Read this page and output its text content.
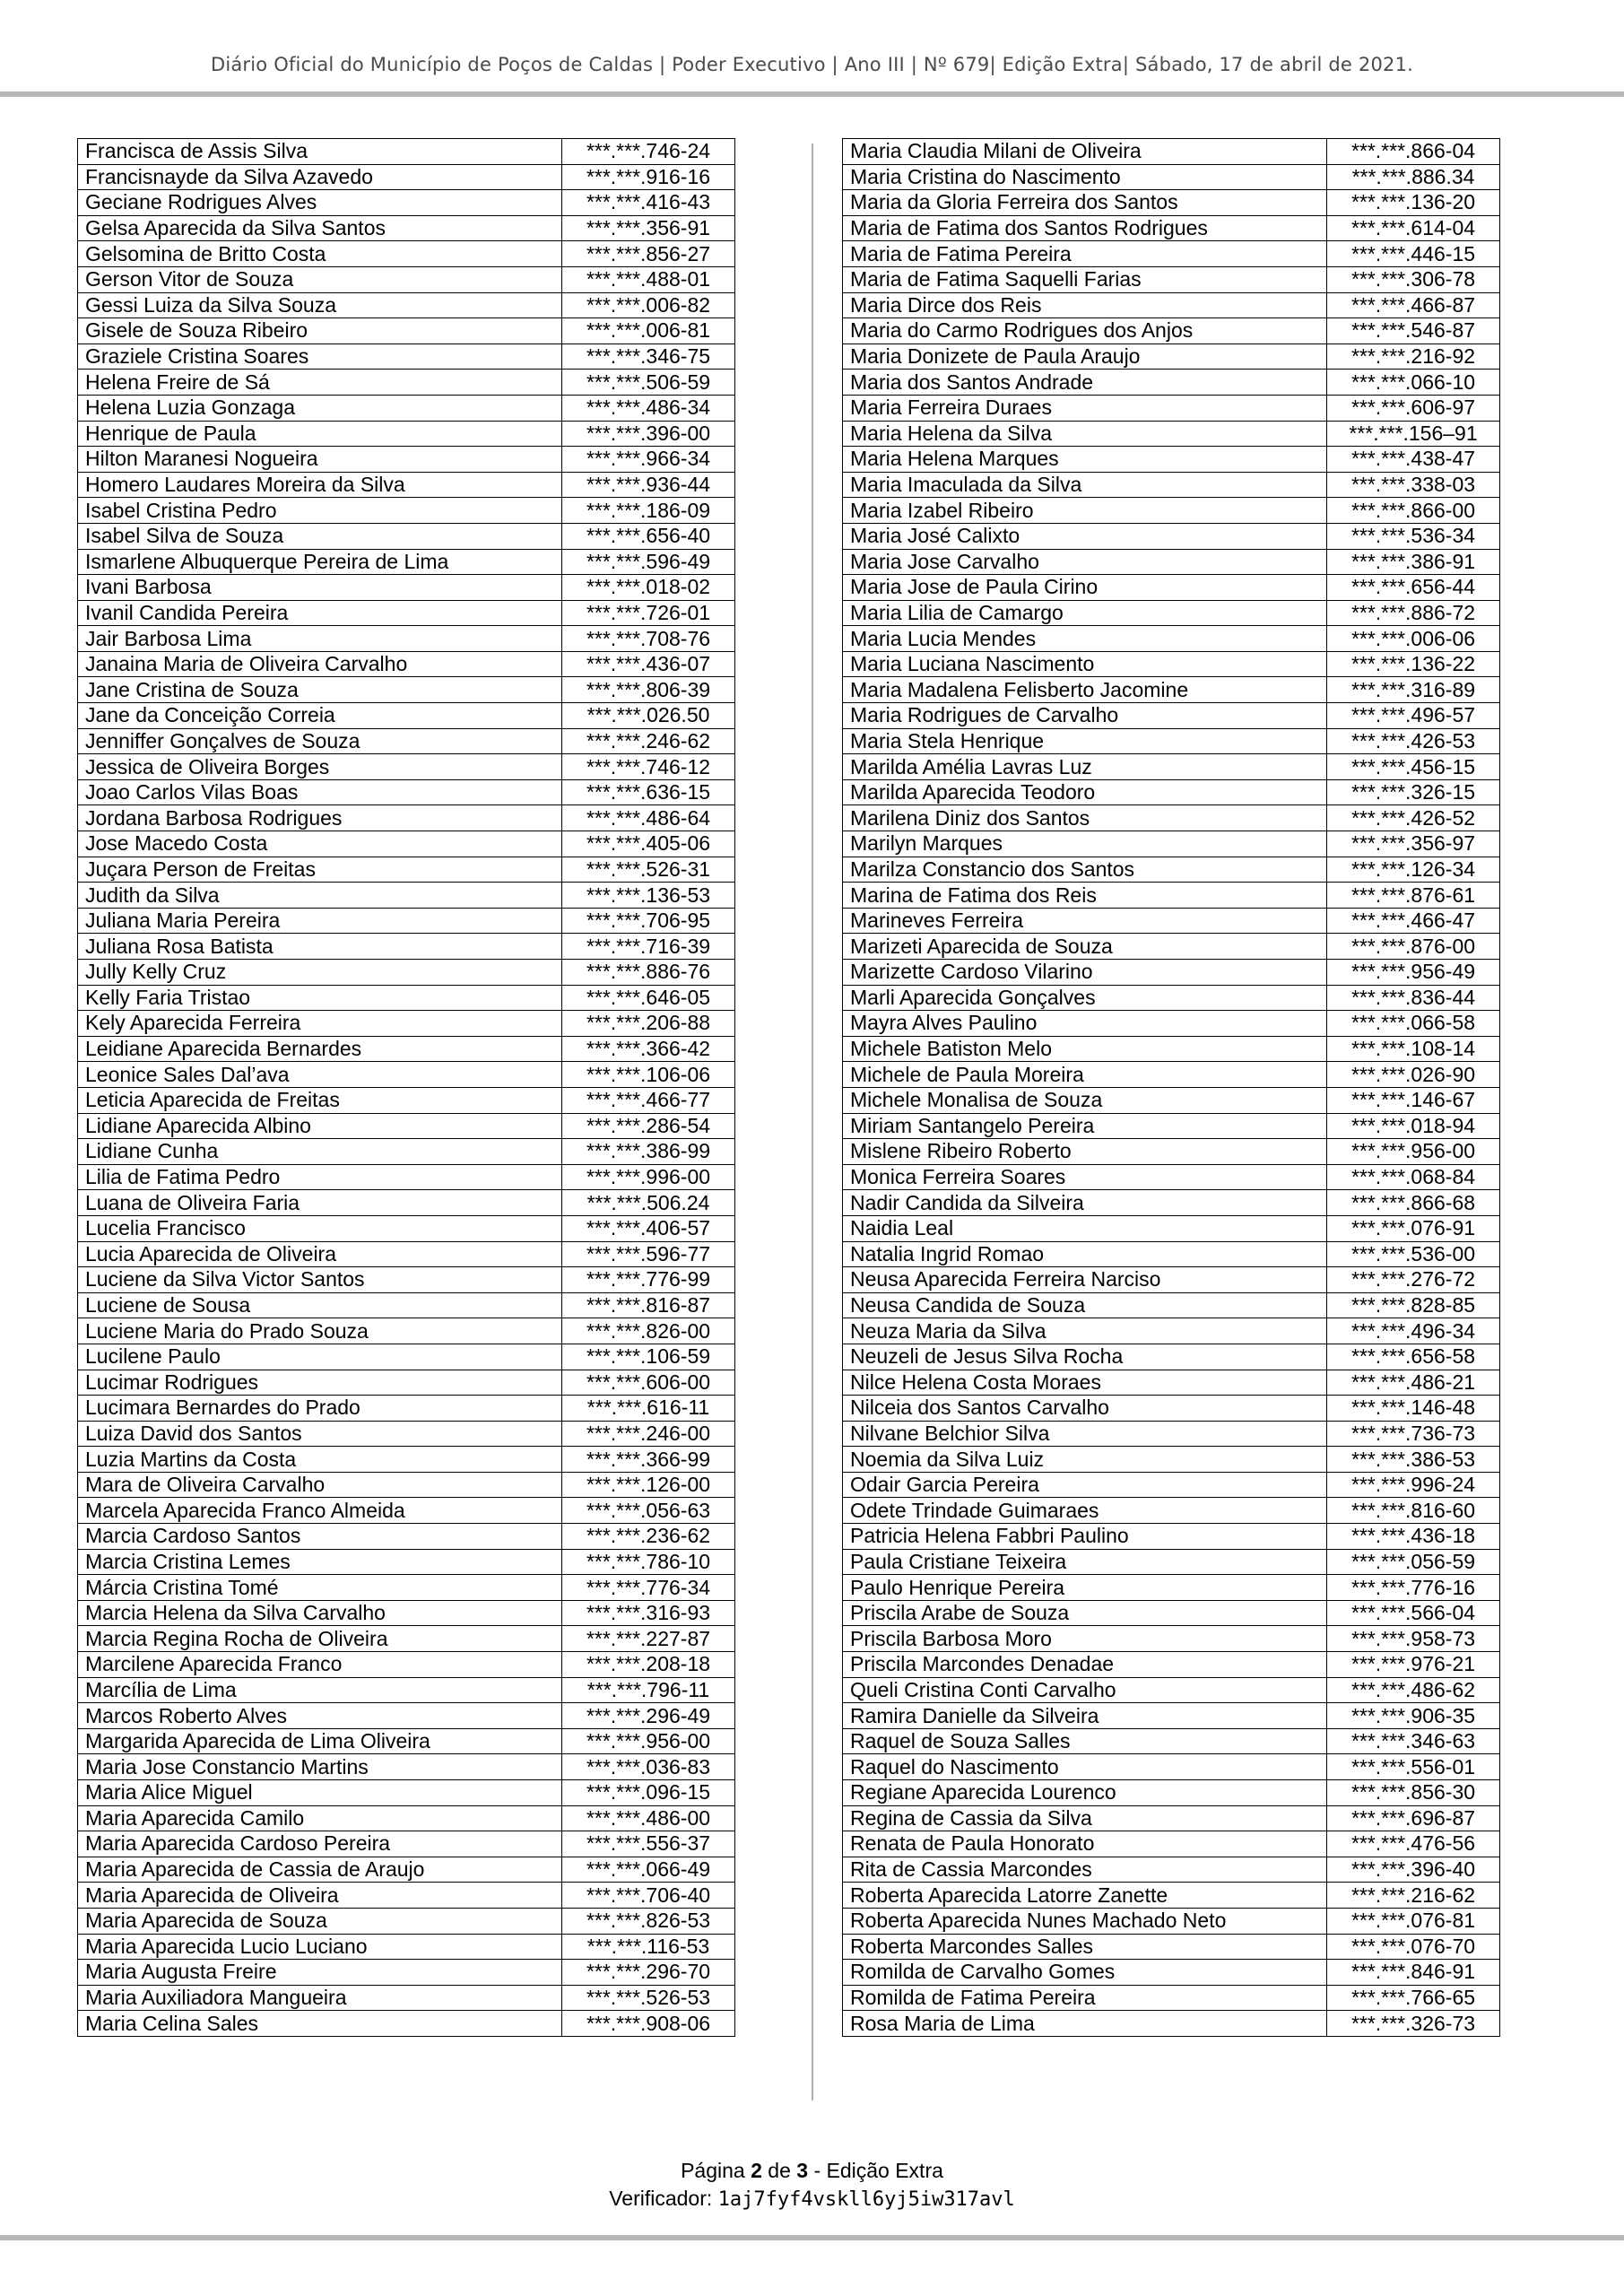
Diário Oficial do Município de Poços de Caldas | Poder Executivo | Ano III | Nº 679| Edição Extra| Sábado, 17 de abril de 2021.
Francisca de Assis Silva	***.***.746-24
Francisnayde da Silva Azavedo	***.***.916-16
Geciane Rodrigues Alves	***.***.416-43
Gelsa Aparecida da Silva Santos	***.***.356-91
Gelsomina de Britto Costa	***.***.856-27
Gerson Vitor de Souza	***.***.488-01
Gessi Luiza da Silva Souza	***.***.006-82
Gisele de Souza Ribeiro	***.***.006-81
Graziele Cristina Soares	***.***.346-75
Helena Freire de Sá	***.***.506-59
Helena Luzia Gonzaga	***.***.486-34
Henrique de Paula	***.***.396-00
Hilton Maranesi Nogueira	***.***.966-34
Homero Laudares Moreira da Silva	***.***.936-44
Isabel Cristina Pedro	***.***.186-09
Isabel Silva de Souza	***.***.656-40
Ismarlene Albuquerque Pereira de Lima	***.***.596-49
Ivani Barbosa	***.***.018-02
Ivanil Candida Pereira	***.***.726-01
Jair Barbosa Lima	***.***.708-76
Janaina Maria de Oliveira Carvalho	***.***.436-07
Jane Cristina de Souza	***.***.806-39
Jane da Conceição Correia	***.***.026.50
Jenniffer Gonçalves de Souza	***.***.246-62
Jessica de Oliveira Borges	***.***.746-12
Joao Carlos Vilas Boas	***.***.636-15
Jordana Barbosa Rodrigues	***.***.486-64
Jose Macedo Costa	***.***.405-06
Juçara Person de Freitas	***.***.526-31
Judith da Silva	***.***.136-53
Juliana Maria Pereira	***.***.706-95
Juliana Rosa Batista	***.***.716-39
Jully Kelly Cruz	***.***.886-76
Kelly Faria Tristao	***.***.646-05
Kely Aparecida Ferreira	***.***.206-88
Leidiane Aparecida Bernardes	***.***.366-42
Leonice Sales Dal’ava	***.***.106-06
Leticia Aparecida de Freitas	***.***.466-77
Lidiane Aparecida Albino	***.***.286-54
Lidiane Cunha	***.***.386-99
Lilia de Fatima Pedro	***.***.996-00
Luana de Oliveira Faria	***.***.506.24
Lucelia Francisco	***.***.406-57
Lucia Aparecida de Oliveira	***.***.596-77
Luciene da Silva Victor Santos	***.***.776-99
Luciene de Sousa	***.***.816-87
Luciene Maria do Prado Souza	***.***.826-00
Lucilene Paulo	***.***.106-59
Lucimar Rodrigues	***.***.606-00
Lucimara Bernardes do Prado	***.***.616-11
Luiza David dos Santos	***.***.246-00
Luzia Martins da Costa	***.***.366-99
Mara de Oliveira Carvalho	***.***.126-00
Marcela Aparecida Franco Almeida	***.***.056-63
Marcia Cardoso Santos	***.***.236-62
Marcia Cristina Lemes	***.***.786-10
Márcia Cristina Tomé	***.***.776-34
Marcia Helena da Silva Carvalho	***.***.316-93
Marcia Regina Rocha de Oliveira	***.***.227-87
Marcilene Aparecida Franco	***.***.208-18
Marcília de Lima	***.***.796-11
Marcos Roberto Alves	***.***.296-49
Margarida Aparecida de Lima Oliveira	***.***.956-00
Maria Jose Constancio Martins	***.***.036-83
Maria Alice Miguel	***.***.096-15
Maria Aparecida Camilo	***.***.486-00
Maria Aparecida Cardoso Pereira	***.***.556-37
Maria Aparecida de Cassia de Araujo	***.***.066-49
Maria Aparecida de Oliveira	***.***.706-40
Maria Aparecida de Souza	***.***.826-53
Maria Aparecida Lucio Luciano	***.***.116-53
Maria Augusta Freire	***.***.296-70
Maria Auxiliadora Mangueira	***.***.526-53
Maria Celina Sales	***.***.908-06
Maria Claudia Milani de Oliveira	***.***.866-04
Maria Cristina do Nascimento	***.***.886.34
Maria da Gloria Ferreira dos Santos	***.***.136-20
Maria de Fatima dos Santos Rodrigues	***.***.614-04
Maria de Fatima Pereira	***.***.446-15
Maria de Fatima Saquelli Farias	***.***.306-78
Maria Dirce dos Reis	***.***.466-87
Maria do Carmo Rodrigues dos Anjos	***.***.546-87
Maria Donizete de Paula Araujo	***.***.216-92
Maria dos Santos Andrade	***.***.066-10
Maria Ferreira Duraes	***.***.606-97
Maria Helena da Silva	***.***.156–91
Maria Helena Marques	***.***.438-47
Maria Imaculada da Silva	***.***.338-03
Maria Izabel Ribeiro	***.***.866-00
Maria José Calixto	***.***.536-34
Maria Jose Carvalho	***.***.386-91
Maria Jose de Paula Cirino	***.***.656-44
Maria Lilia de Camargo	***.***.886-72
Maria Lucia Mendes	***.***.006-06
Maria Luciana Nascimento	***.***.136-22
Maria Madalena Felisberto Jacomine	***.***.316-89
Maria Rodrigues de Carvalho	***.***.496-57
Maria Stela Henrique	***.***.426-53
Marilda Amélia Lavras Luz	***.***.456-15
Marilda Aparecida Teodoro	***.***.326-15
Marilena Diniz dos Santos	***.***.426-52
Marilyn Marques	***.***.356-97
Marilza Constancio dos Santos	***.***.126-34
Marina de Fatima dos Reis	***.***.876-61
Marineves Ferreira	***.***.466-47
Marizeti Aparecida de Souza	***.***.876-00
Marizette Cardoso Vilarino	***.***.956-49
Marli Aparecida Gonçalves	***.***.836-44
Mayra Alves Paulino	***.***.066-58
Michele Batiston Melo	***.***.108-14
Michele de Paula Moreira	***.***.026-90
Michele Monalisa de Souza	***.***.146-67
Miriam Santangelo Pereira	***.***.018-94
Mislene Ribeiro Roberto	***.***.956-00
Monica Ferreira Soares	***.***.068-84
Nadir Candida da Silveira	***.***.866-68
Naidia Leal	***.***.076-91
Natalia Ingrid Romao	***.***.536-00
Neusa Aparecida Ferreira Narciso	***.***.276-72
Neusa Candida de Souza	***.***.828-85
Neuza Maria da Silva	***.***.496-34
Neuzeli de Jesus Silva Rocha	***.***.656-58
Nilce Helena Costa Moraes	***.***.486-21
Nilceia dos Santos Carvalho	***.***.146-48
Nilvane Belchior Silva	***.***.736-73
Noemia da Silva Luiz	***.***.386-53
Odair Garcia Pereira	***.***.996-24
Odete Trindade Guimaraes	***.***.816-60
Patricia Helena Fabbri Paulino	***.***.436-18
Paula Cristiane Teixeira	***.***.056-59
Paulo Henrique Pereira	***.***.776-16
Priscila Arabe de Souza	***.***.566-04
Priscila Barbosa Moro	***.***.958-73
Priscila Marcondes Denadae	***.***.976-21
Queli Cristina Conti Carvalho	***.***.486-62
Ramira Danielle da Silveira	***.***.906-35
Raquel de Souza Salles	***.***.346-63
Raquel do Nascimento	***.***.556-01
Regiane Aparecida Lourenco	***.***.856-30
Regina de Cassia da Silva	***.***.696-87
Renata de Paula Honorato	***.***.476-56
Rita de Cassia Marcondes	***.***.396-40
Roberta Aparecida Latorre Zanette	***.***.216-62
Roberta Aparecida Nunes Machado Neto	***.***.076-81
Roberta Marcondes Salles	***.***.076-70
Romilda de Carvalho Gomes	***.***.846-91
Romilda de Fatima Pereira	***.***.766-65
Rosa Maria de Lima	***.***.326-73
Página 2 de 3 - Edição Extra
Verificador: 1aj7fyf4vskll6yj5iw317avl
